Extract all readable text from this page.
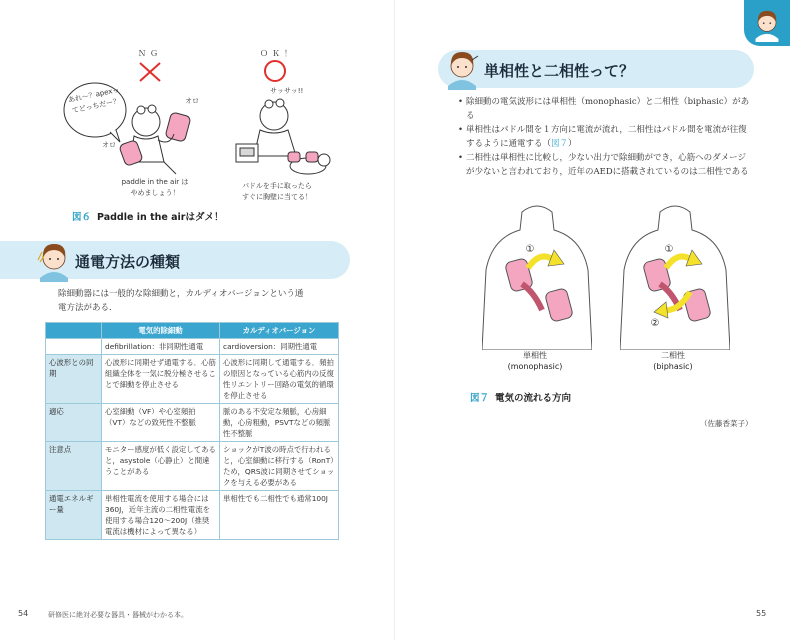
ＮＧ	ＯＫ！
あれ～？apexってどっちだー？	オロ
オロ
サッサッ!!
paddle in the air は
やめましょう！
パドルを手に取ったら
すぐに胸壁に当てる！
図６ Paddle in the airはダメ！
通電方法の種類
除細動器には一般的な除細動と，カルディオバージョンという通
電方法がある．
	電気的除細動	カルディオバージョン
	defibrillation：非同期性通電	cardioversion：同期性通電
心波形との同期	心波形に同期せず通電する．心筋組織全体を一気に脱分極させることで細動を停止させる	心波形に同期して通電する．頻拍の原因となっている心筋内の反復性リエントリー回路の電気的循環を停止させる
適応	心室細動（VF）や心室頻拍（VT）などの致死性不整脈	脈のある不安定な頻脈，心房細動，心房粗動，PSVTなどの頻脈性不整脈
注意点	モニター感度が低く設定してあると，asystole（心静止）と間違うことがある	ショックがT波の時点で行われると，心室細動に移行する（RonT）ため，QRS波に同期させてショックを与える必要がある
通電エネルギー量	単相性電流を使用する場合には360J，近年主流の二相性電流を使用する場合120～200J（推奨電流は機材によって異なる）	単相性でも二相性でも通常100J
54	研修医に絶対必要な器具・器械がわかる本。
単相性と二相性って？
• 除細動の電気波形には単相性（monophasic）と二相性（biphasic）がある
• 単相性はパドル間を１方向に電流が流れ，二相性はパドル間を電流が往復するように通電する（図７）
• 二相性は単相性に比較し，少ない出力で除細動ができ，心筋へのダメージが少ないと言われており，近年のAEDに搭載されているのは二相性である
単相性
(monophasic)
①
二相性
(biphasic)
①
②
図７ 電気の流れる方向
（佐藤香菜子）
55
